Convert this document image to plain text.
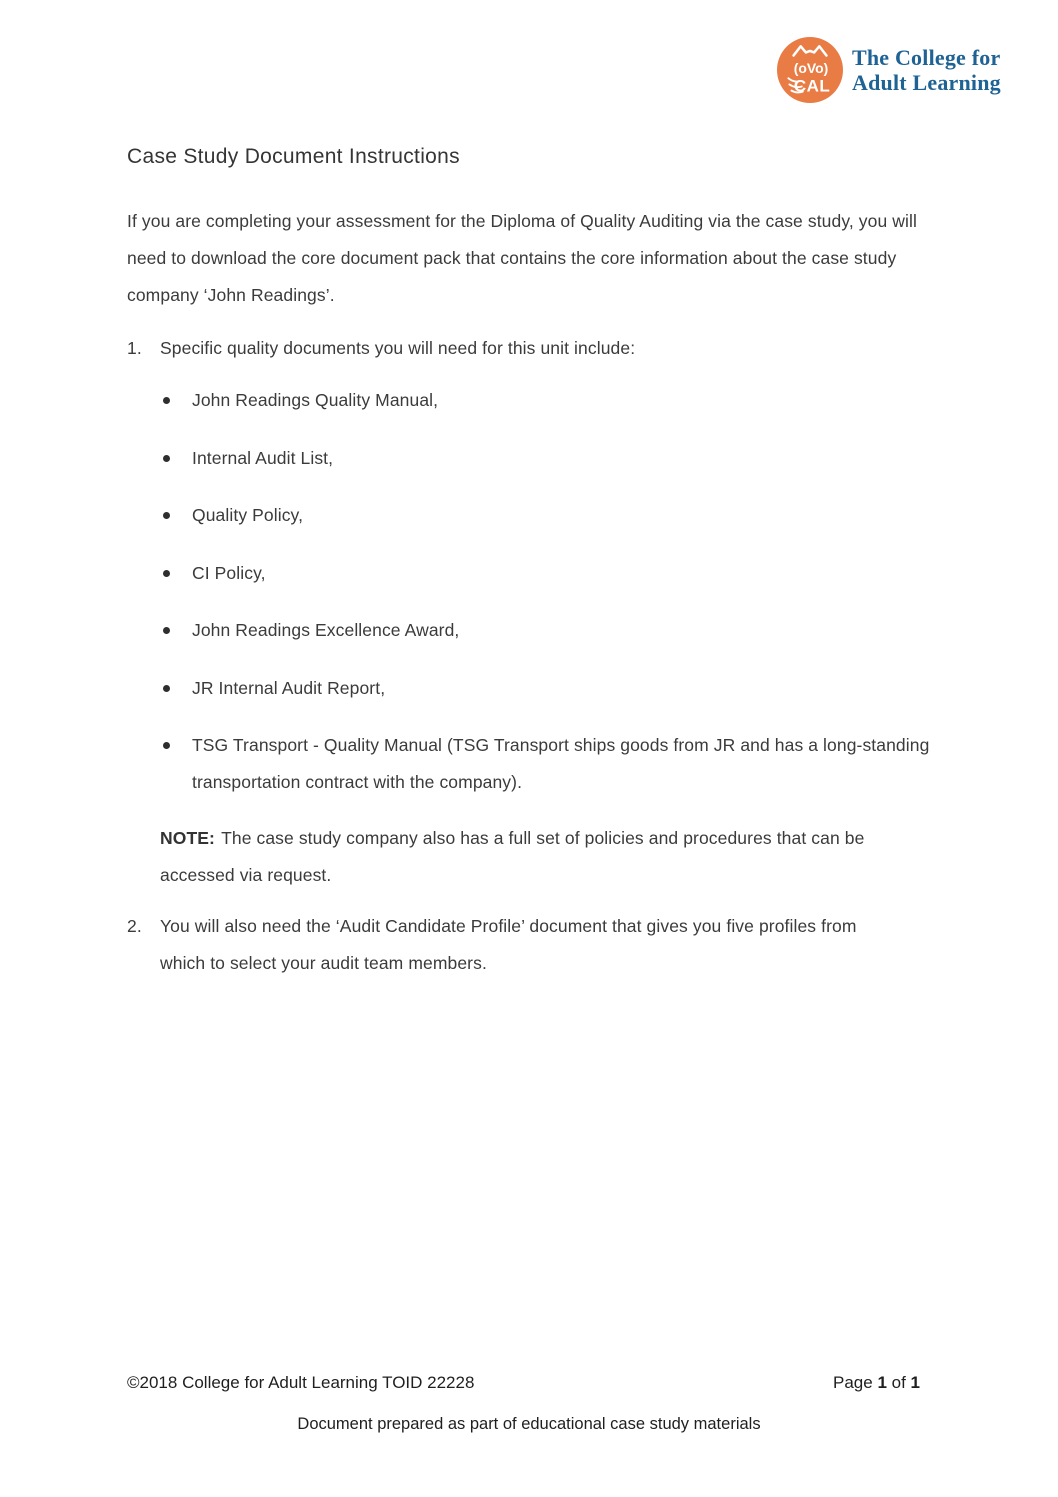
(oVo)
CAL
The College for
Adult Learning
Case Study Document Instructions
If you are completing your assessment for the Diploma of Quality Auditing via the case study, you will need to download the core document pack that contains the core information about the case study company ‘John Readings’.
1.	Specific quality documents you will need for this unit include:
John Readings Quality Manual,
Internal Audit List,
Quality Policy,
CI Policy,
John Readings Excellence Award,
JR Internal Audit Report,
TSG Transport - Quality Manual (TSG Transport ships goods from JR and has a long-standing transportation contract with the company).
NOTE: The case study company also has a full set of policies and procedures that can be accessed via request.
2.	You will also need the ‘Audit Candidate Profile’ document that gives you five profiles from which to select your audit team members.
©2018 College for Adult Learning TOID 22228	Page 1 of 1
Document prepared as part of educational case study materials
